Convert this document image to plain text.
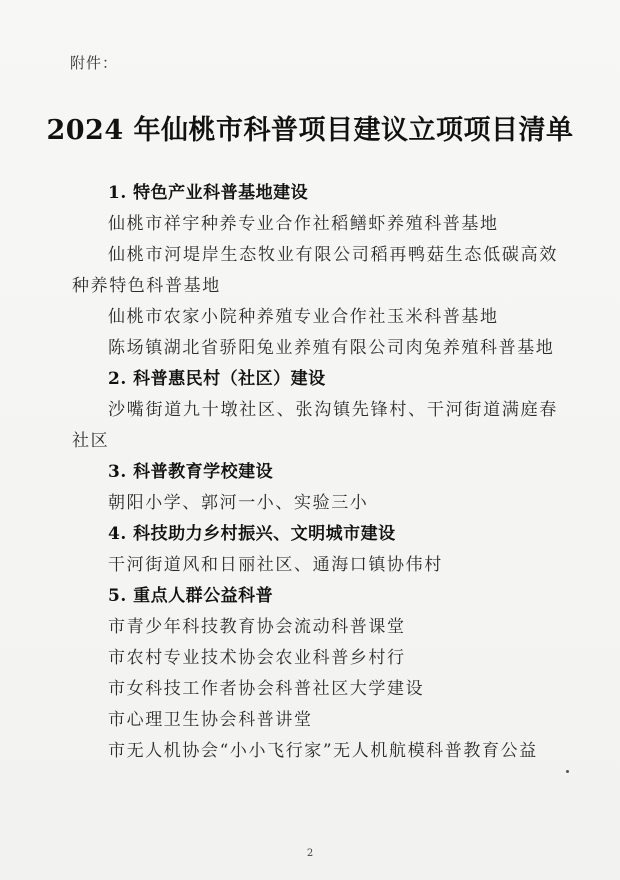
附件：
2024 年仙桃市科普项目建议立项项目清单
1. 特色产业科普基地建设
仙桃市祥宇种养专业合作社稻鳝虾养殖科普基地
仙桃市河堤岸生态牧业有限公司稻再鸭菇生态低碳高效种养特色科普基地
仙桃市农家小院种养殖专业合作社玉米科普基地
陈场镇湖北省骄阳兔业养殖有限公司肉兔养殖科普基地
2. 科普惠民村（社区）建设
沙嘴街道九十墩社区、张沟镇先锋村、干河街道满庭春社区
3. 科普教育学校建设
朝阳小学、郭河一小、实验三小
4. 科技助力乡村振兴、文明城市建设
干河街道风和日丽社区、通海口镇协伟村
5. 重点人群公益科普
市青少年科技教育协会流动科普课堂
市农村专业技术协会农业科普乡村行
市女科技工作者协会科普社区大学建设
市心理卫生协会科普讲堂
市无人机协会“小小飞行家”无人机航模科普教育公益
2
